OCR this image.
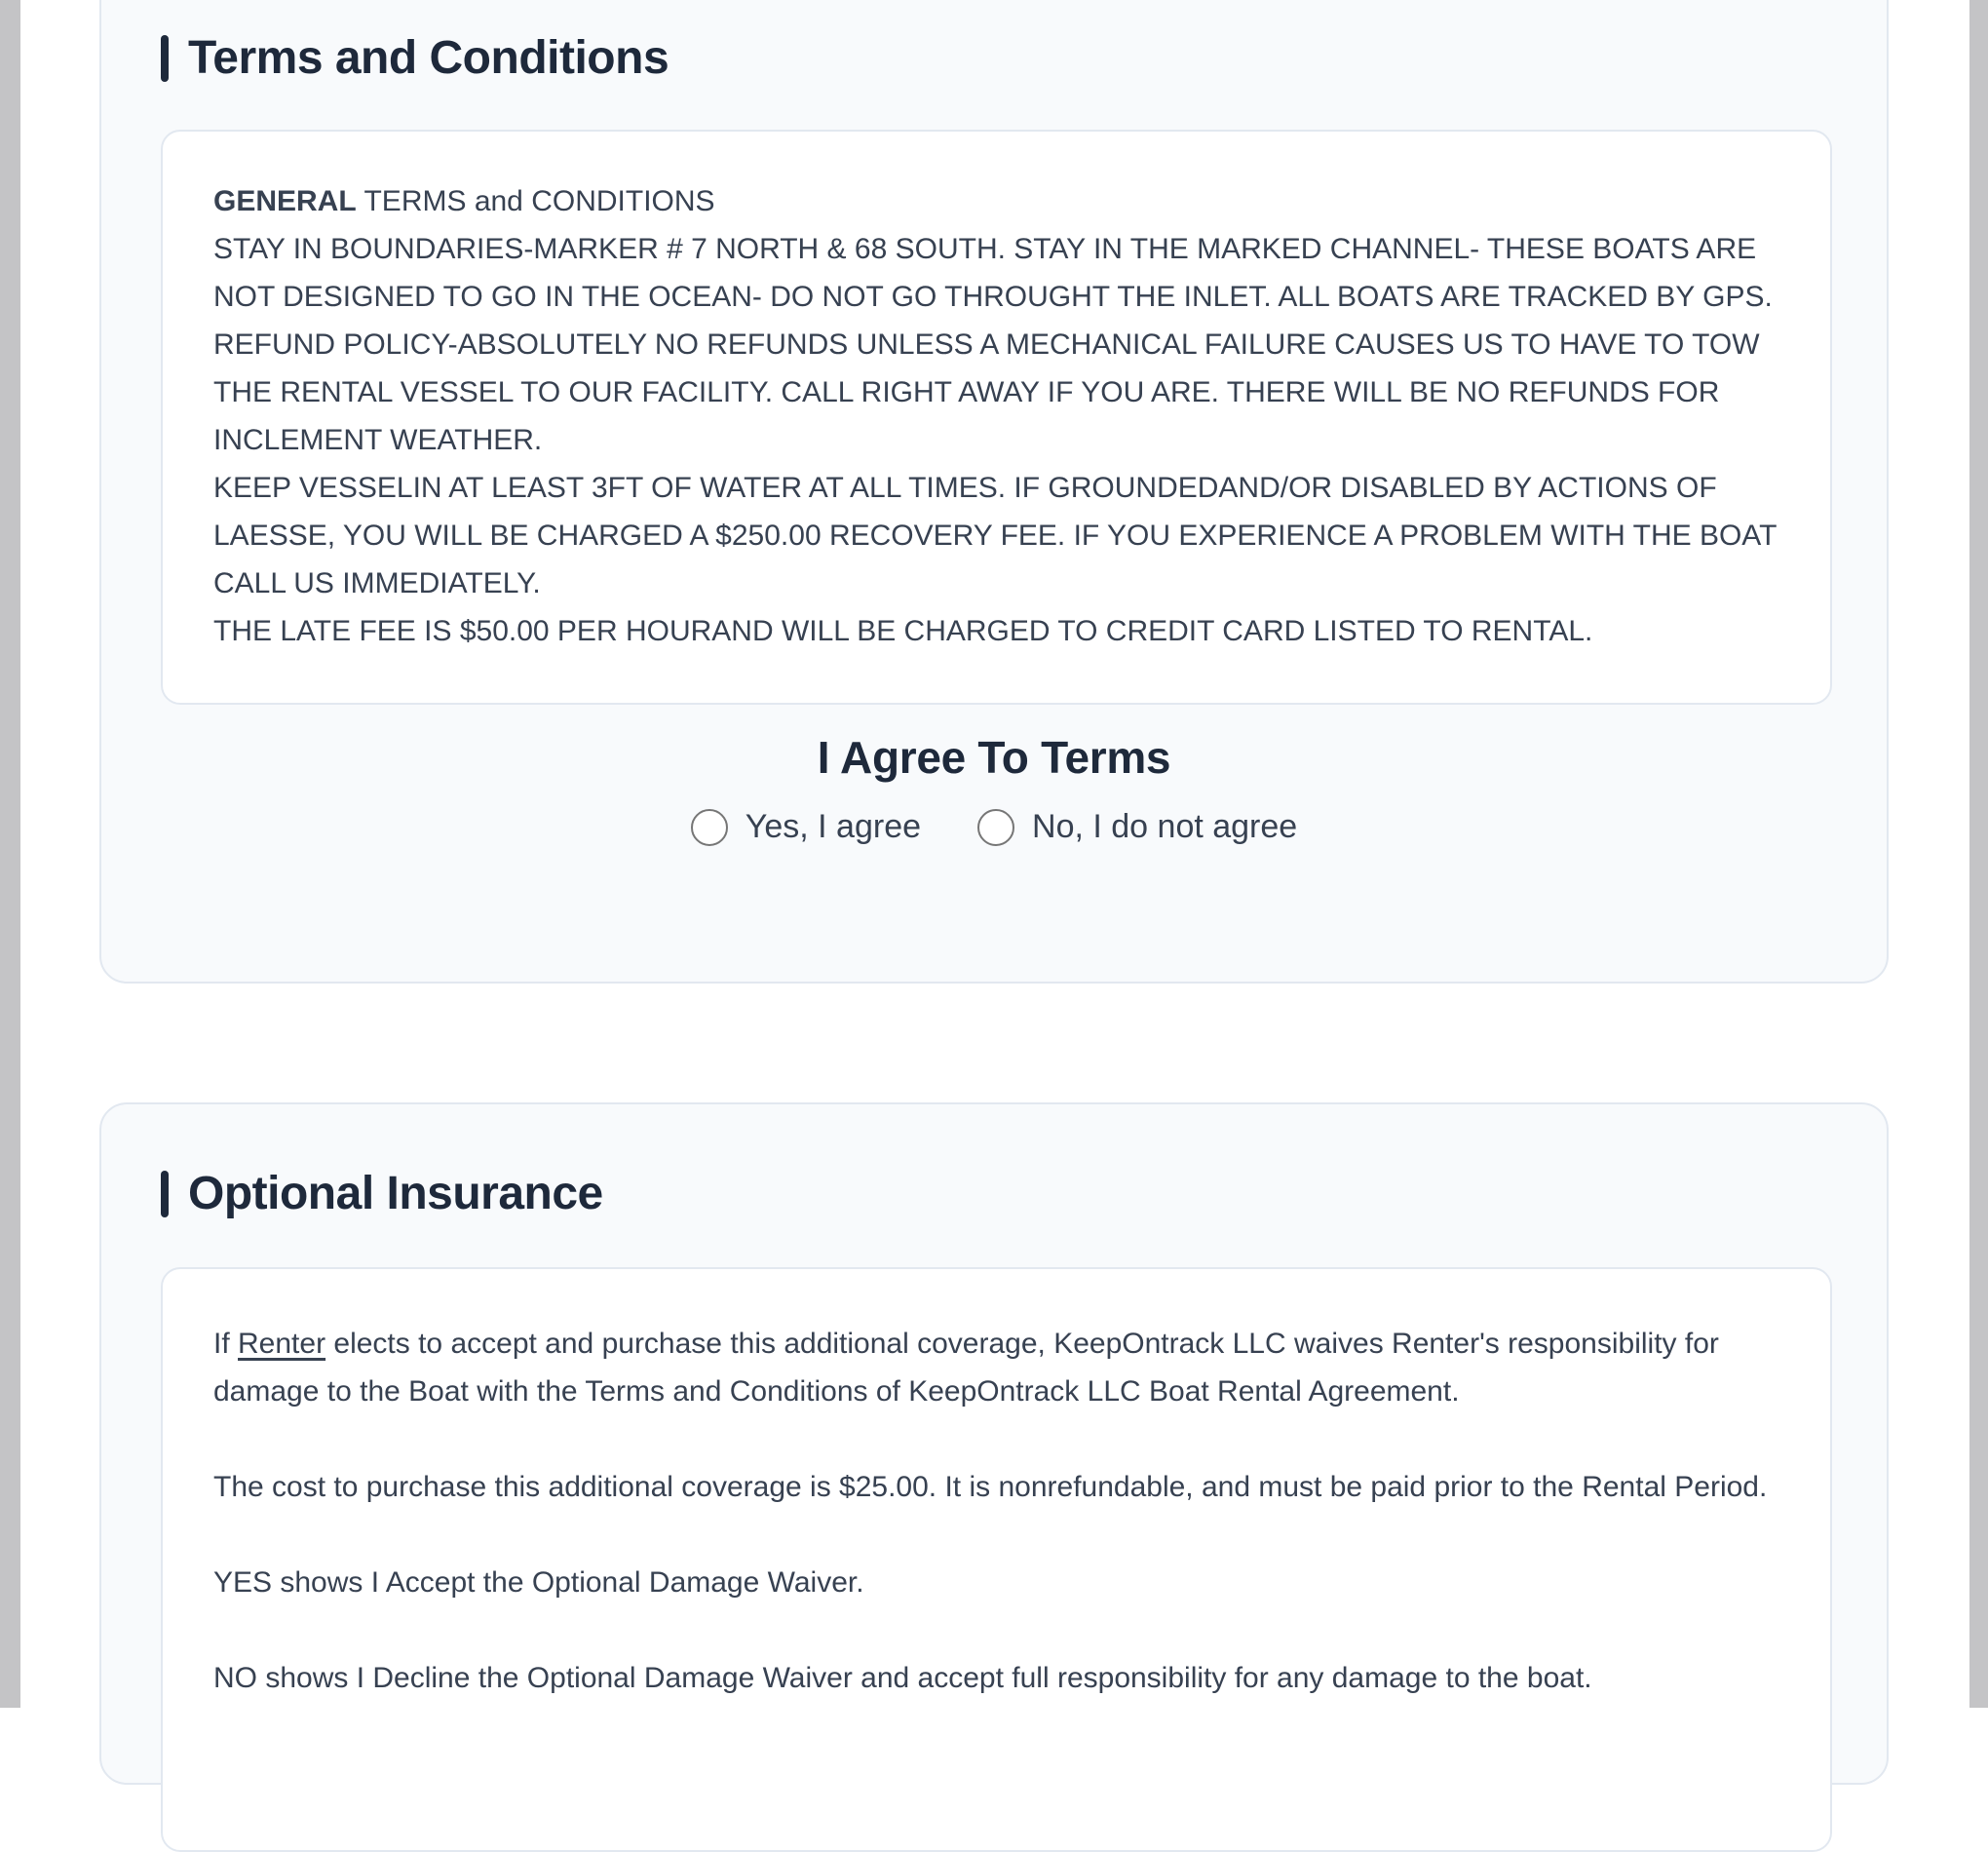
Terms and Conditions

GENERAL TERMS and CONDITIONS

STAY IN BOUNDARIES-MARKER # 7 NORTH & 68 SOUTH. STAY IN THE MARKED CHANNEL- THESE BOATS ARE NOT DESIGNED TO GO IN THE OCEAN- DO NOT GO THROUGHT THE INLET. ALL BOATS ARE TRACKED BY GPS.

REFUND POLICY-ABSOLUTELY NO REFUNDS UNLESS A MECHANICAL FAILURE CAUSES US TO HAVE TO TOW THE RENTAL VESSEL TO OUR FACILITY. CALL RIGHT AWAY IF YOU ARE. THERE WILL BE NO REFUNDS FOR INCLEMENT WEATHER.

KEEP VESSELIN AT LEAST 3FT OF WATER AT ALL TIMES. IF GROUNDEDAND/OR DISABLED BY ACTIONS OF LAESSE, YOU WILL BE CHARGED A $250.00 RECOVERY FEE. IF YOU EXPERIENCE A PROBLEM WITH THE BOAT CALL US IMMEDIATELY.

THE LATE FEE IS $50.00 PER HOURAND WILL BE CHARGED TO CREDIT CARD LISTED TO RENTAL.

I Agree To Terms
Yes, I agree	No, I do not agree
Optional Insurance

If Renter elects to accept and purchase this additional coverage, KeepOntrack LLC waives Renter's responsibility for damage to the Boat with the Terms and Conditions of KeepOntrack LLC Boat Rental Agreement.

The cost to purchase this additional coverage is $25.00. It is nonrefundable, and must be paid prior to the Rental Period.

YES shows I Accept the Optional Damage Waiver.

NO shows I Decline the Optional Damage Waiver and accept full responsibility for any damage to the boat.
